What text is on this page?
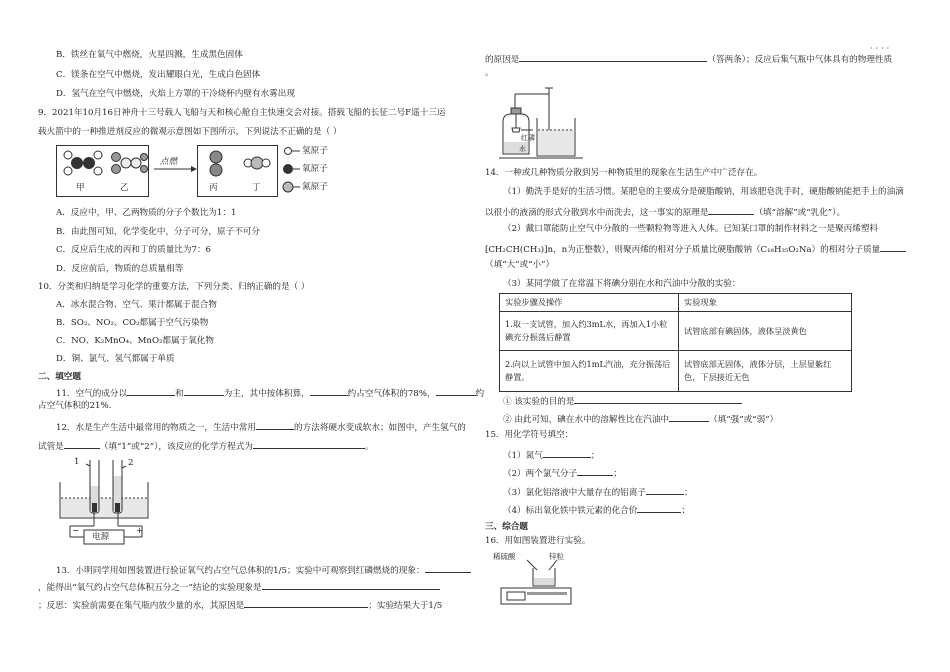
B．铁丝在氧气中燃烧，火星四溅，生成黑色固体
C．镁条在空气中燃烧，发出耀眼白光，生成白色固体
D．氢气在空气中燃烧，火焰上方罩的干冷烧杯内壁有水雾出现
9．2021年10月16日神舟十三号载人飞船与天和核心舱自主快速交会对接。搭载飞船的长征二号F遥十三运
载火箭中的一种推进剂反应的微观示意图如下图所示，下列说法不正确的是（ ）
甲	乙
点燃
丙	丁
氢原子
氧原子
氮原子
A．反应中，甲、乙两物质的分子个数比为1：1
B．由此图可知，化学变化中，分子可分，原子不可分
C．反应后生成的丙和丁的质量比为7：6
D．反应前后，物质的总质量相等
10．分类和归纳是学习化学的重要方法，下列分类、归纳正确的是（ ）
A．冰水混合物、空气、果汁都属于混合物
B．SO₂、NO₂、CO₂都属于空气污染物
C．NO、K₂MnO₄、MnO₂都属于氧化物
D．铜、氯气、氢气都属于单质
二、填空题
11．空气的成分以	和	为主，其中按体积算，	约占空气体积的78%，	约
占空气体积的21%.
12．水是生产生活中最常用的物质之一，生活中常用	的方法将硬水变成软水；如图中，产生氢气的
试管是	（填“1”或“2”），该反应的化学方程式为	。
1	2
电源
−	+
13．小明同学用如图装置进行验证氧气约占空气总体积的1/5；实验中可观察到红磷燃烧的现象：
，能得出“氧气约占空气总体积五分之一”结论的实验现象是
；反思：实验前需要在集气瓶内放少量的水，其原因是	；实验结果大于1/5
的原因是	（答两条）；反应后集气瓶中气体具有的物理性质
····
。
红磷
水
14．一种或几种物质分散到另一种物质里的现象在生活生产中广泛存在。
（1）勤洗手是好的生活习惯。某肥皂的主要成分是硬脂酸钠，用该肥皂洗手时，硬脂酸钠能把手上的油滴
以很小的液滴的形式分散到水中而洗去，这一事实的原理是	（填“溶解”或“乳化”）。
（2）戴口罩能防止空气中分散的一些颗粒物等进入人体。已知某口罩的制作材料之一是聚丙烯塑料
[CH₂CH(CH₃)]n，n为正整数），则聚丙烯的相对分子质量比硬脂酸钠（C₁₈H₃₅O₂Na）的相对分子质量
（填“大”或“小”）
（3）某同学做了在常温下将碘分别在水和汽油中分散的实验：
实验步骤及操作	实验现象
1.取一支试管，加入约3mL水，再加入1小粒碘充分振荡后静置	试管底部有碘固体，液体呈淡黄色
2.向以上试管中加入约1mL汽油，充分振荡后静置。	试管底部无固体，液体分层，上层显紫红色，下层接近无色
① 该实验的目的是
② 由此可知，碘在水中的溶解性比在汽油中	（填“强”或“弱”）
15．用化学符号填空：
（1）氮气	；
（2）两个氯气分子	；
（3）氯化铝溶液中大量存在的铝离子	；
（4）标出氧化铁中铁元素的化合价	；
三、综合题
16．用如图装置进行实验。
稀硫酸	锌粒
